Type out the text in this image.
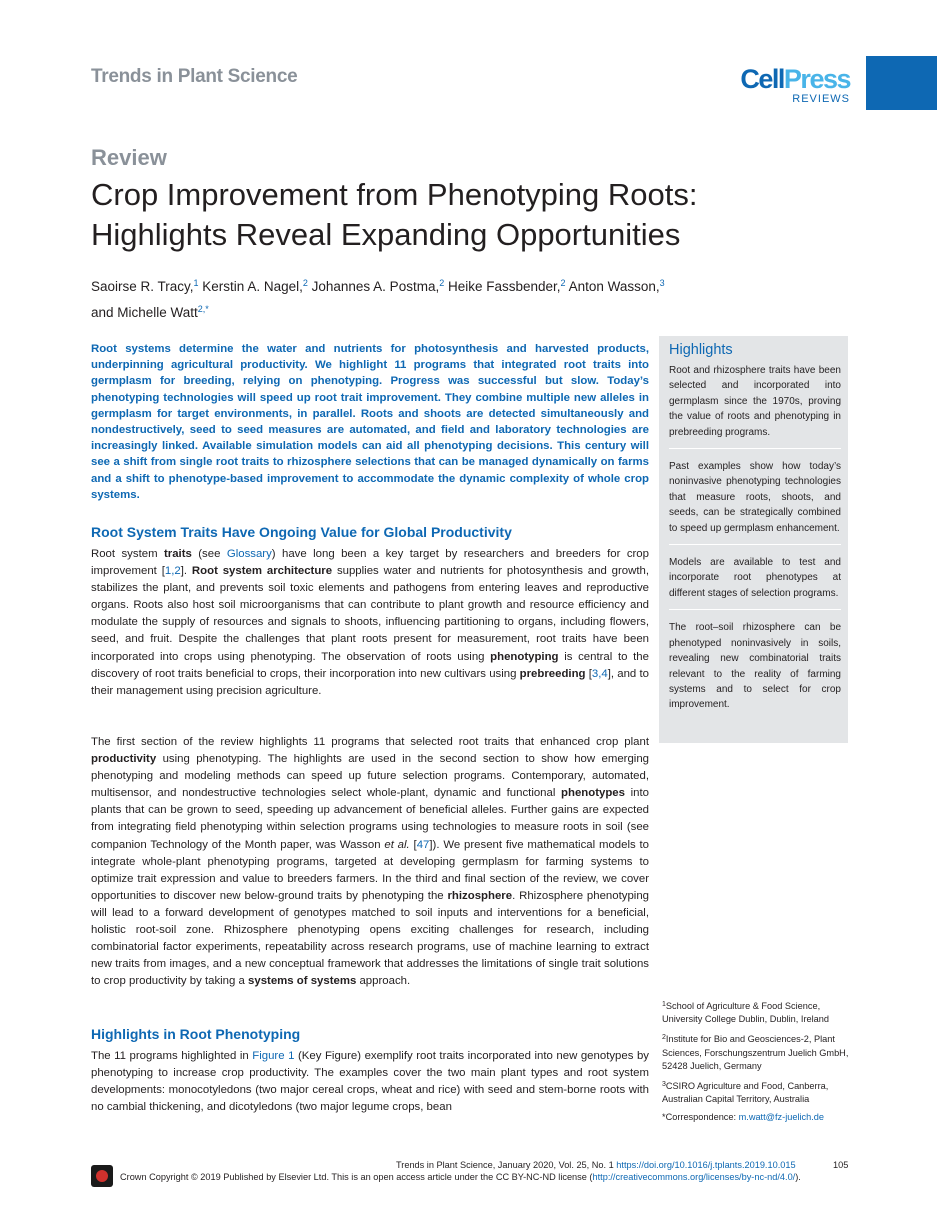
Trends in Plant Science	CellPress
REVIEWS
Review
Crop Improvement from Phenotyping Roots:
Highlights Reveal Expanding Opportunities
Saoirse R. Tracy,$^1$ Kerstin A. Nagel,$^2$ Johannes A. Postma,$^2$ Heike Fassbender,$^2$ Anton Wasson,$^3$
and Michelle Watt$^{2,*}$
Root systems determine the water and nutrients for photosynthesis and harvested products, underpinning agricultural productivity. We highlight 11 programs that integrated root traits into germplasm for breeding, relying on phenotyping. Progress was successful but slow. Today’s phenotyping technologies will speed up root trait improvement. They combine multiple new alleles in germplasm for target environments, in parallel. Roots and shoots are detected simultaneously and nondestructively, seed to seed measures are automated, and field and laboratory technologies are increasingly linked. Available simulation models can aid all phenotyping decisions. This century will see a shift from single root traits to rhizosphere selections that can be managed dynamically on farms and a shift to phenotype-based improvement to accommodate the dynamic complexity of whole crop systems.
Root System Traits Have Ongoing Value for Global Productivity
Root system traits (see Glossary) have long been a key target by researchers and breeders for crop improvement [1,2]. Root system architecture supplies water and nutrients for photosynthesis and growth, stabilizes the plant, and prevents soil toxic elements and pathogens from entering leaves and reproductive organs. Roots also host soil microorganisms that can contribute to plant growth and resource efficiency and modulate the supply of resources and signals to shoots, influencing partitioning to organs, including flowers, seed, and fruit. Despite the challenges that plant roots present for measurement, root traits have been incorporated into crops using phenotyping. The observation of roots using phenotyping is central to the discovery of root traits beneficial to crops, their incorporation into new cultivars using prebreeding [3,4], and to their management using precision agriculture.
The first section of the review highlights 11 programs that selected root traits that enhanced crop plant productivity using phenotyping. The highlights are used in the second section to show how emerging phenotyping and modeling methods can speed up future selection programs. Contemporary, automated, multisensor, and nondestructive technologies select whole-plant, dynamic and functional phenotypes into plants that can be grown to seed, speeding up advancement of beneficial alleles. Further gains are expected from integrating field phenotyping within selection programs using technologies to measure roots in soil (see companion Technology of the Month paper, was Wasson et al. [47]). We present five mathematical models to integrate whole-plant phenotyping programs, targeted at developing germplasm for farming systems to optimize trait expression and value to breeders farmers. In the third and final section of the review, we cover opportunities to discover new below-ground traits by phenotyping the rhizosphere. Rhizosphere phenotyping will lead to a forward development of genotypes matched to soil inputs and interventions for a beneficial, holistic root-soil zone. Rhizosphere phenotyping opens exciting challenges for research, including combinatorial factor experiments, repeatability across research programs, use of machine learning to extract new traits from images, and a new conceptual framework that addresses the limitations of single trait solutions to crop productivity by taking a systems of systems approach.
Highlights in Root Phenotyping
The 11 programs highlighted in Figure 1 (Key Figure) exemplify root traits incorporated into new genotypes by phenotyping to increase crop productivity. The examples cover the two main plant types and root system developments: monocotyledons (two major cereal crops, wheat and rice) with seed and stem-borne roots with no cambial thickening, and dicotyledons (two major legume crops, bean
Highlights
Root and rhizosphere traits have been selected and incorporated into germplasm since the 1970s, proving the value of roots and phenotyping in prebreeding programs.
Past examples show how today’s noninvasive phenotyping technologies that measure roots, shoots, and seeds, can be strategically combined to speed up germplasm enhancement.
Models are available to test and incorporate root phenotypes at different stages of selection programs.
The root–soil rhizosphere can be phenotyped noninvasively in soils, revealing new combinatorial traits relevant to the reality of farming systems and to select for crop improvement.

$^1$School of Agriculture & Food Science, University College Dublin, Dublin, Ireland

$^2$Institute for Bio and Geosciences-2, Plant Sciences, Forschungszentrum Juelich GmbH, 52428 Juelich, Germany

$^3$CSIRO Agriculture and Food, Canberra, Australian Capital Territory, Australia

*Correspondence: m.watt@fz-juelich.de

Trends in Plant Science, January 2020, Vol. 25, No. 1 https://doi.org/10.1016/j.tplants.2019.10.015	105
Crown Copyright © 2019 Published by Elsevier Ltd. This is an open access article under the CC BY-NC-ND license (http://creativecommons.org/licenses/by-nc-nd/4.0/).
